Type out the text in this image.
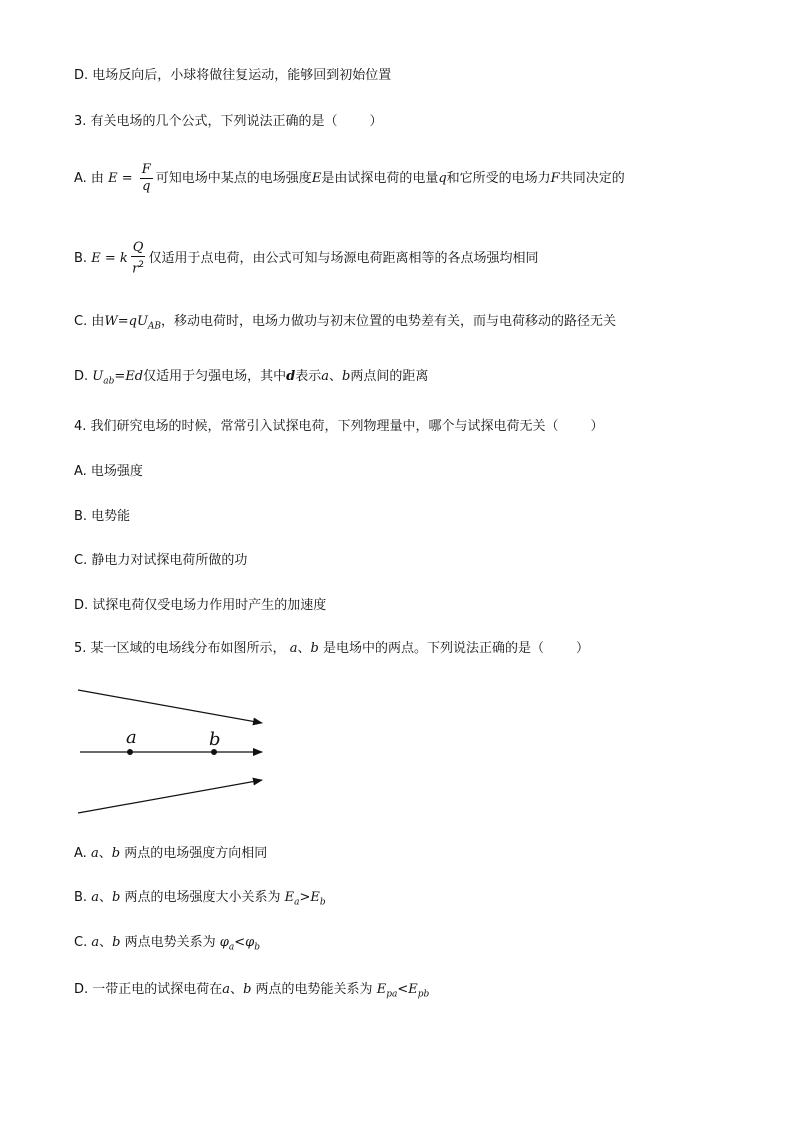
D. 电场反向后，小球将做往复运动，能够回到初始位置
3. 有关电场的几个公式，下列说法正确的是（ ）
A. 由 $E = \frac{F}{q}$ 可知电场中某点的电场强度E是由试探电荷的电量q和它所受的电场力F共同决定的
B. E = k $\frac{Q}{r^2}$ 仅适用于点电荷，由公式可知与场源电荷距离相等的各点场强均相同
C. 由$W=qU_{AB}$，移动电荷时，电场力做功与初末位置的电势差有关，而与电荷移动的路径无关
D. $U_{ab}=Ed$仅适用于匀强电场，其中d表示a、b两点间的距离
4. 我们研究电场的时候，常常引入试探电荷，下列物理量中，哪个与试探电荷无关（ ）
A. 电场强度
B. 电势能
C. 静电力对试探电荷所做的功
D. 试探电荷仅受电场力作用时产生的加速度
5. 某一区域的电场线分布如图所示， a、b 是电场中的两点。下列说法正确的是（ ）
a	b
A. a、b 两点的电场强度方向相同
B. a、b 两点的电场强度大小关系为 $E_a>E_b$
C. a、b 两点电势关系为 $\varphi_a<\varphi_b$
D. 一带正电的试探电荷在a、b 两点的电势能关系为 $E_{pa}<E_{pb}$
